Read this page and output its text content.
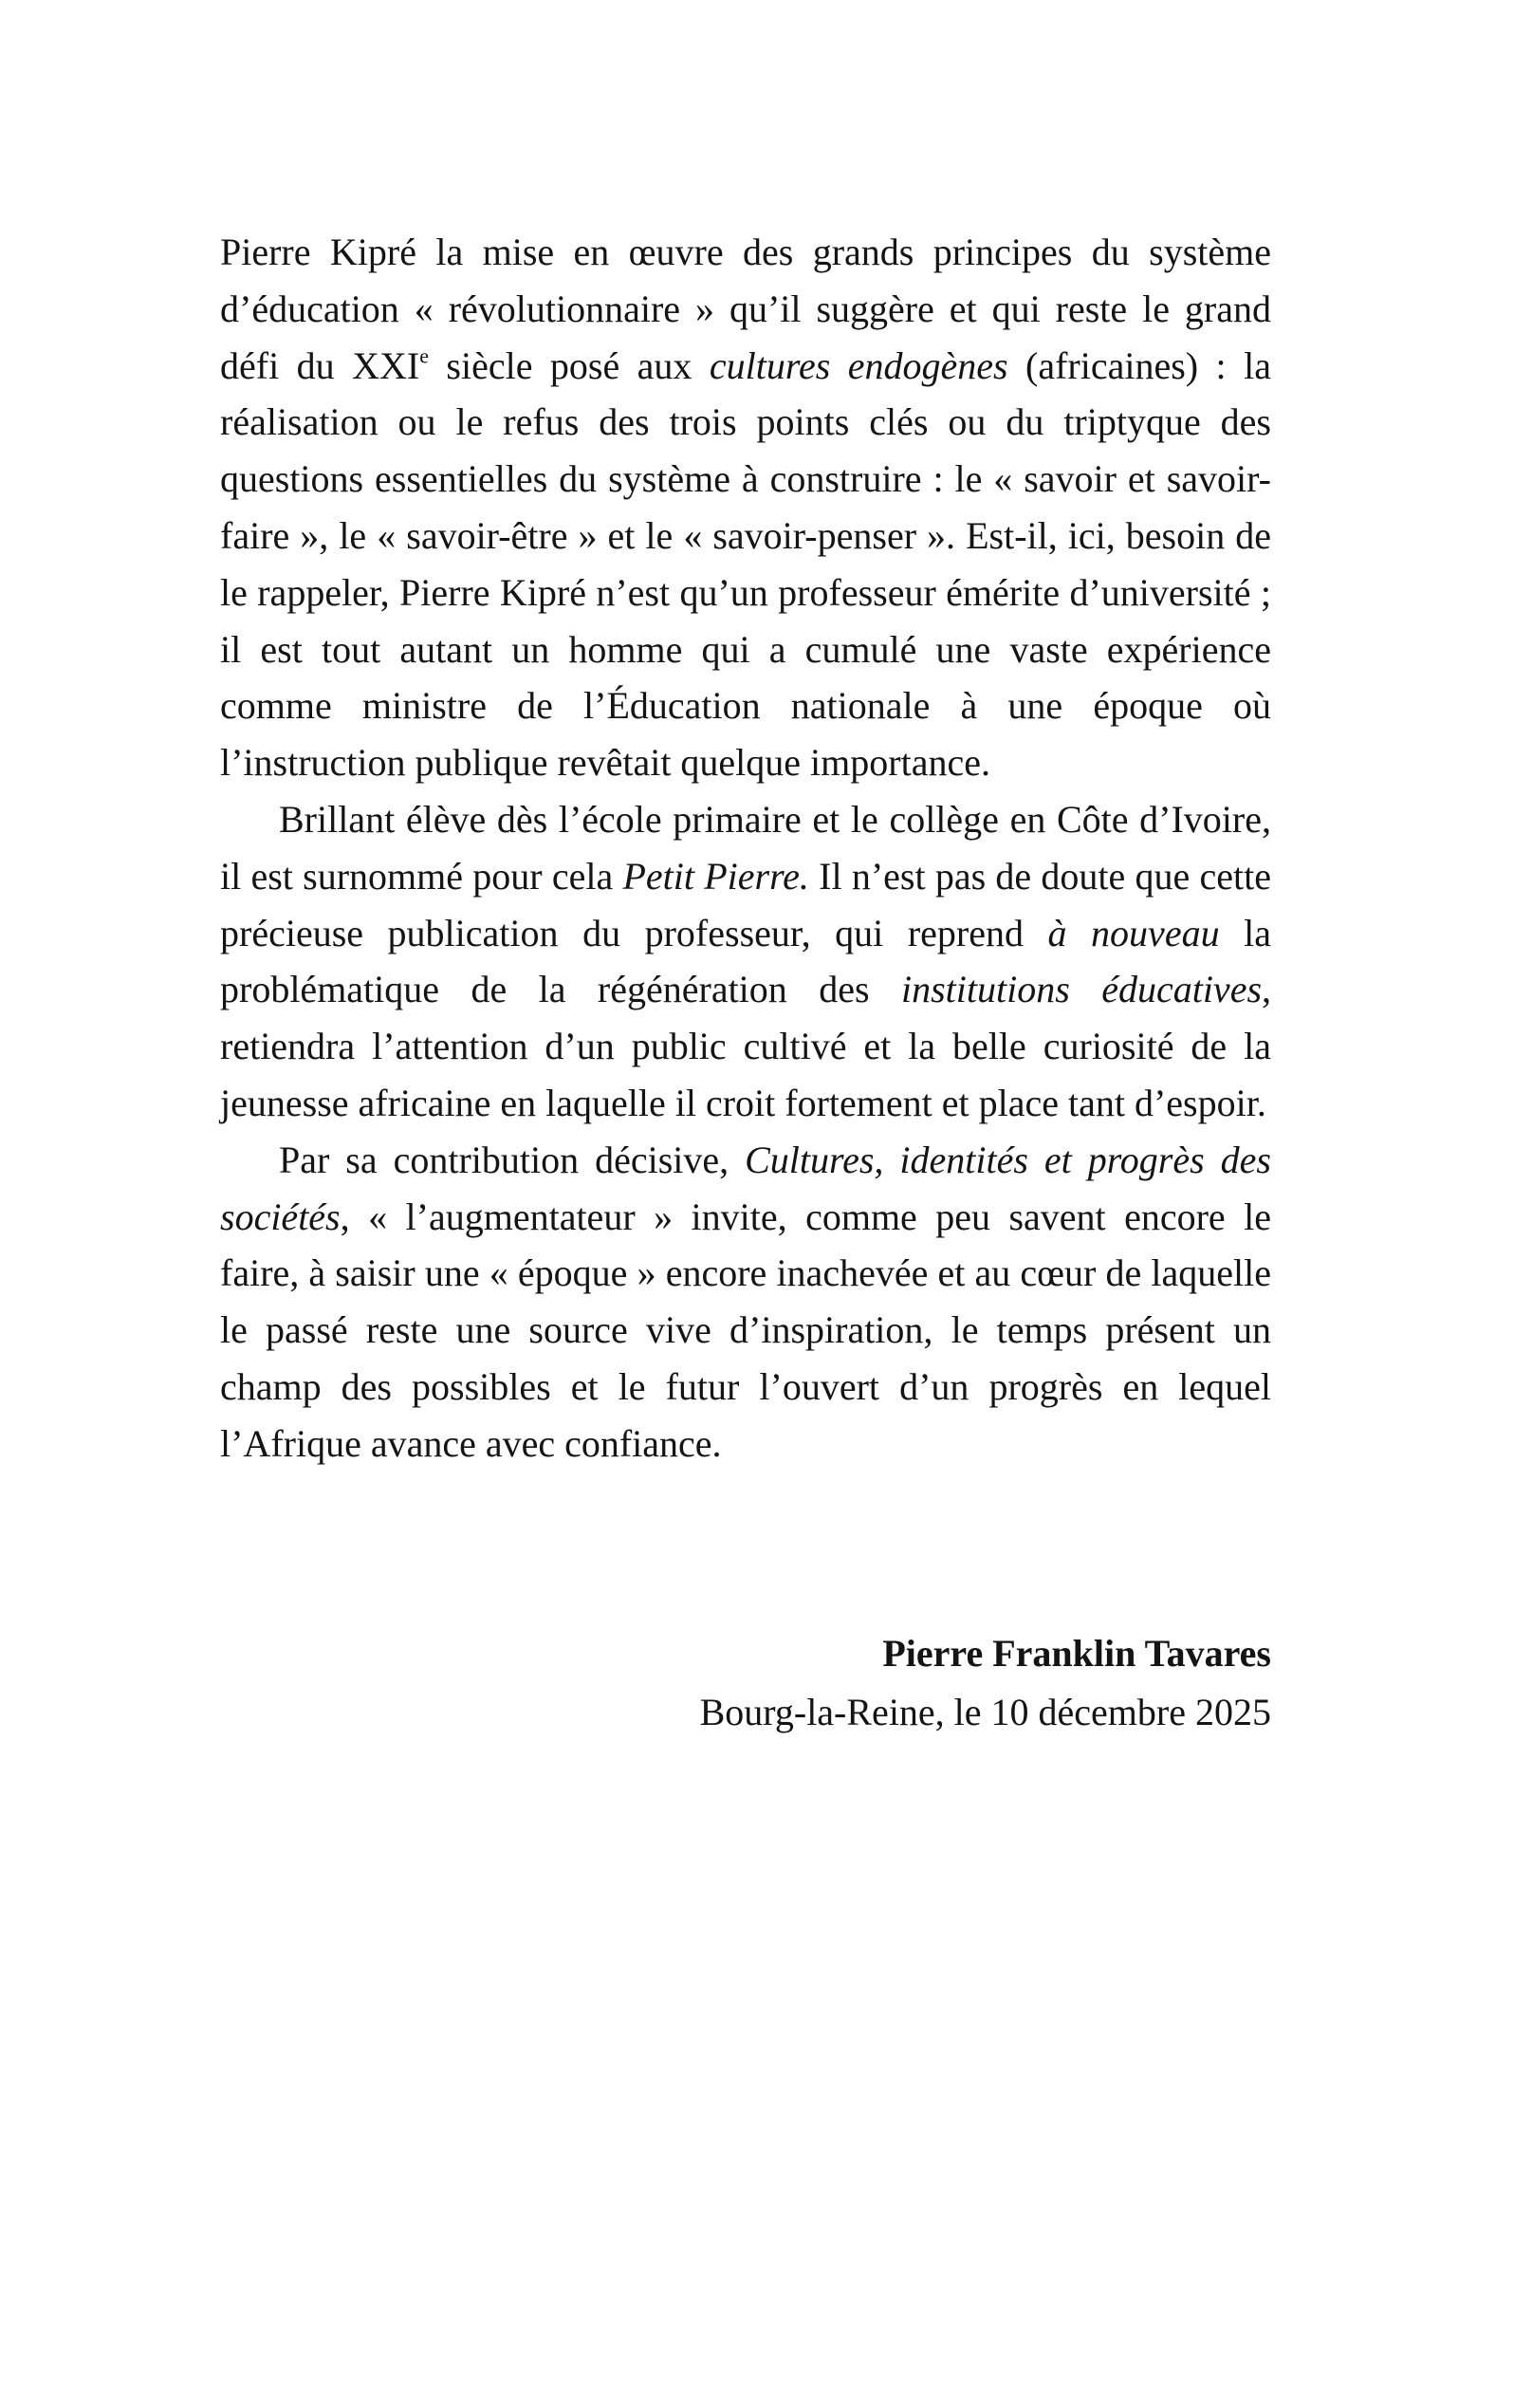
Pierre Kipré la mise en œuvre des grands principes du système d’éducation « révolutionnaire » qu’il suggère et qui reste le grand défi du XXIe siècle posé aux cultures endogènes (africaines) : la réalisation ou le refus des trois points clés ou du triptyque des questions essentielles du système à construire : le « savoir et savoir-faire », le « savoir-être » et le « savoir-penser ». Est-il, ici, besoin de le rappeler, Pierre Kipré n’est qu’un professeur émérite d’université ; il est tout autant un homme qui a cumulé une vaste expérience comme ministre de l’Éducation nationale à une époque où l’instruction publique revêtait quelque importance.

Brillant élève dès l’école primaire et le collège en Côte d’Ivoire, il est surnommé pour cela Petit Pierre. Il n’est pas de doute que cette précieuse publication du professeur, qui reprend à nouveau la problématique de la régénération des institutions éducatives, retiendra l’attention d’un public cultivé et la belle curiosité de la jeunesse africaine en laquelle il croit fortement et place tant d’espoir.

Par sa contribution décisive, Cultures, identités et progrès des sociétés, « l’augmentateur » invite, comme peu savent encore le faire, à saisir une « époque » encore inachevée et au cœur de laquelle le passé reste une source vive d’inspiration, le temps présent un champ des possibles et le futur l’ouvert d’un progrès en lequel l’Afrique avance avec confiance.

Pierre Franklin Tavares
Bourg-la-Reine, le 10 décembre 2025
